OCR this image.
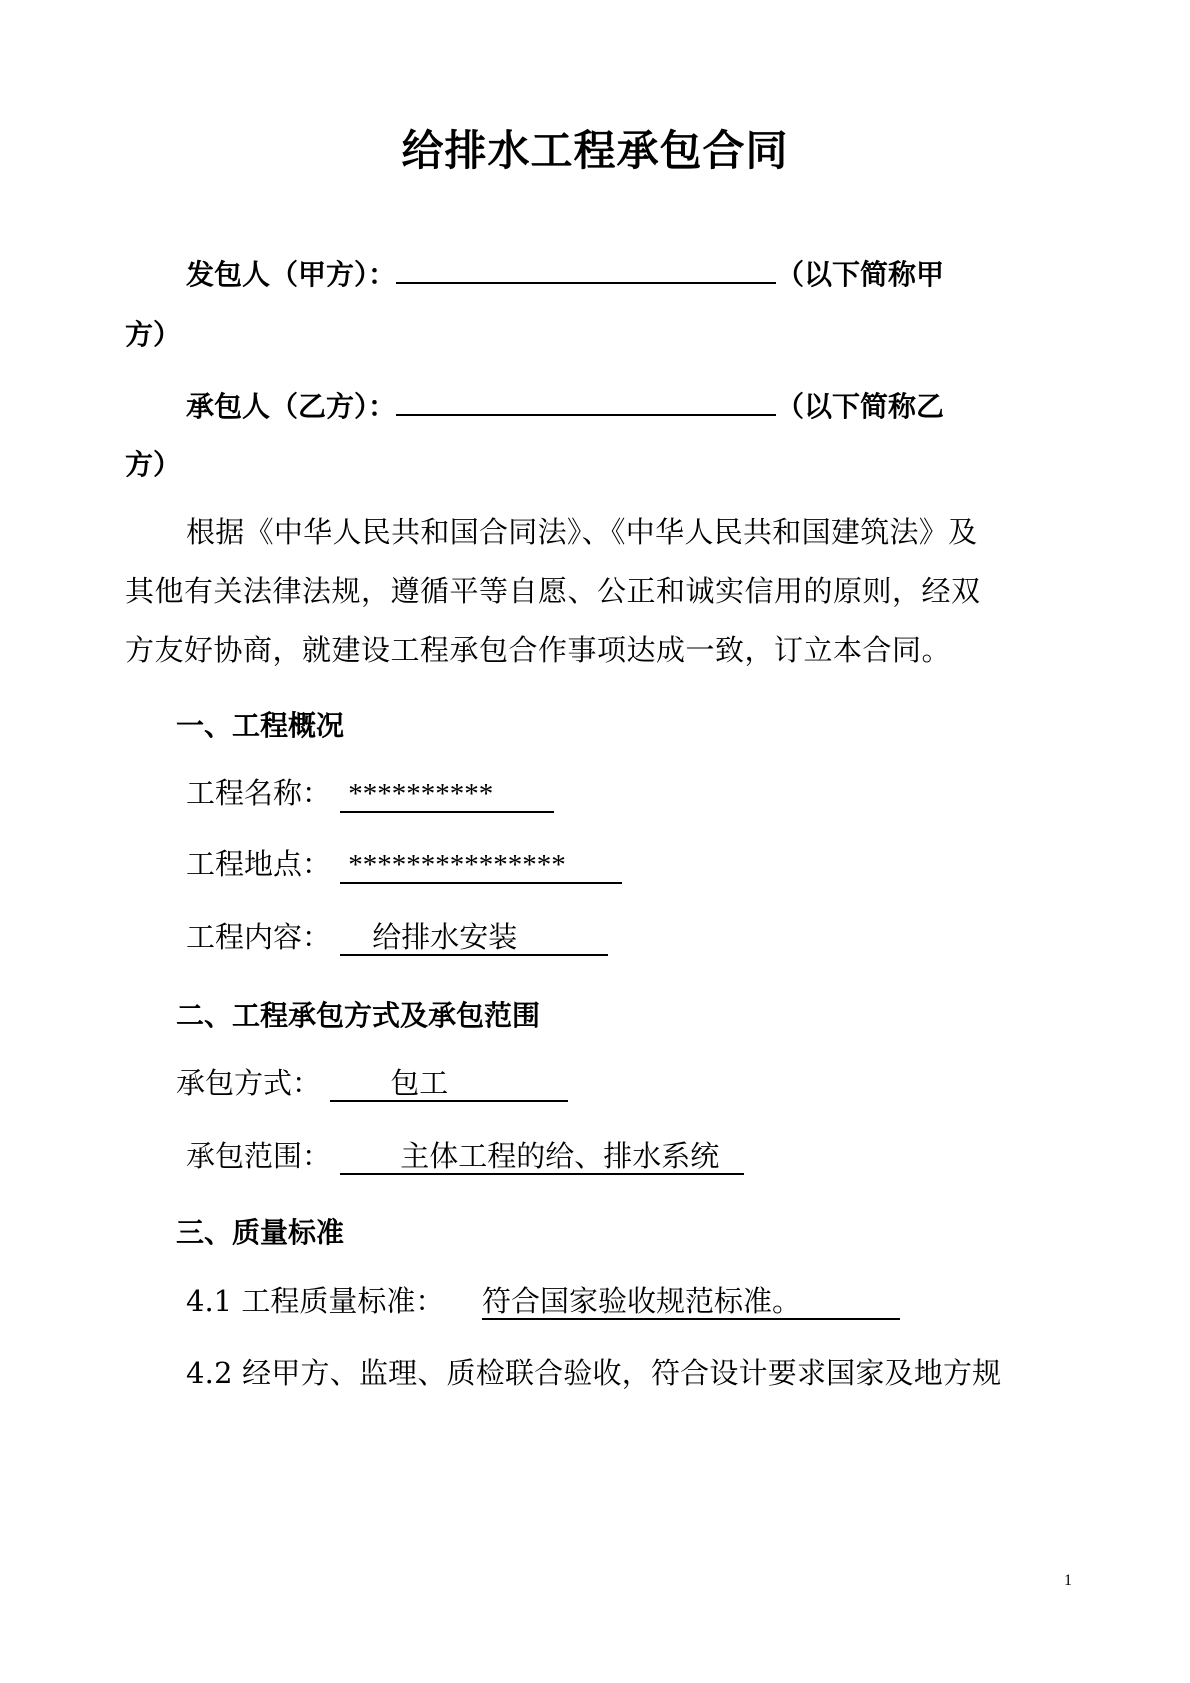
给排水工程承包合同
发包人（甲方）：	（以下简称甲
方）
承包人（乙方）：	（以下简称乙
方）
根据《中华人民共和国合同法》、《中华人民共和国建筑法》及
其他有关法律法规，遵循平等自愿、公正和诚实信用的原则，经双
方友好协商，就建设工程承包合作事项达成一致，订立本合同。
一、工程概况
工程名称： **********
工程地点： ***************
工程内容： 给排水安装
二、工程承包方式及承包范围
承包方式： 包工
承包范围： 主体工程的给、排水系统
三、质量标准
4.1 工程质量标准： 符合国家验收规范标准。
4.2 经甲方、监理、质检联合验收，符合设计要求国家及地方规
1
